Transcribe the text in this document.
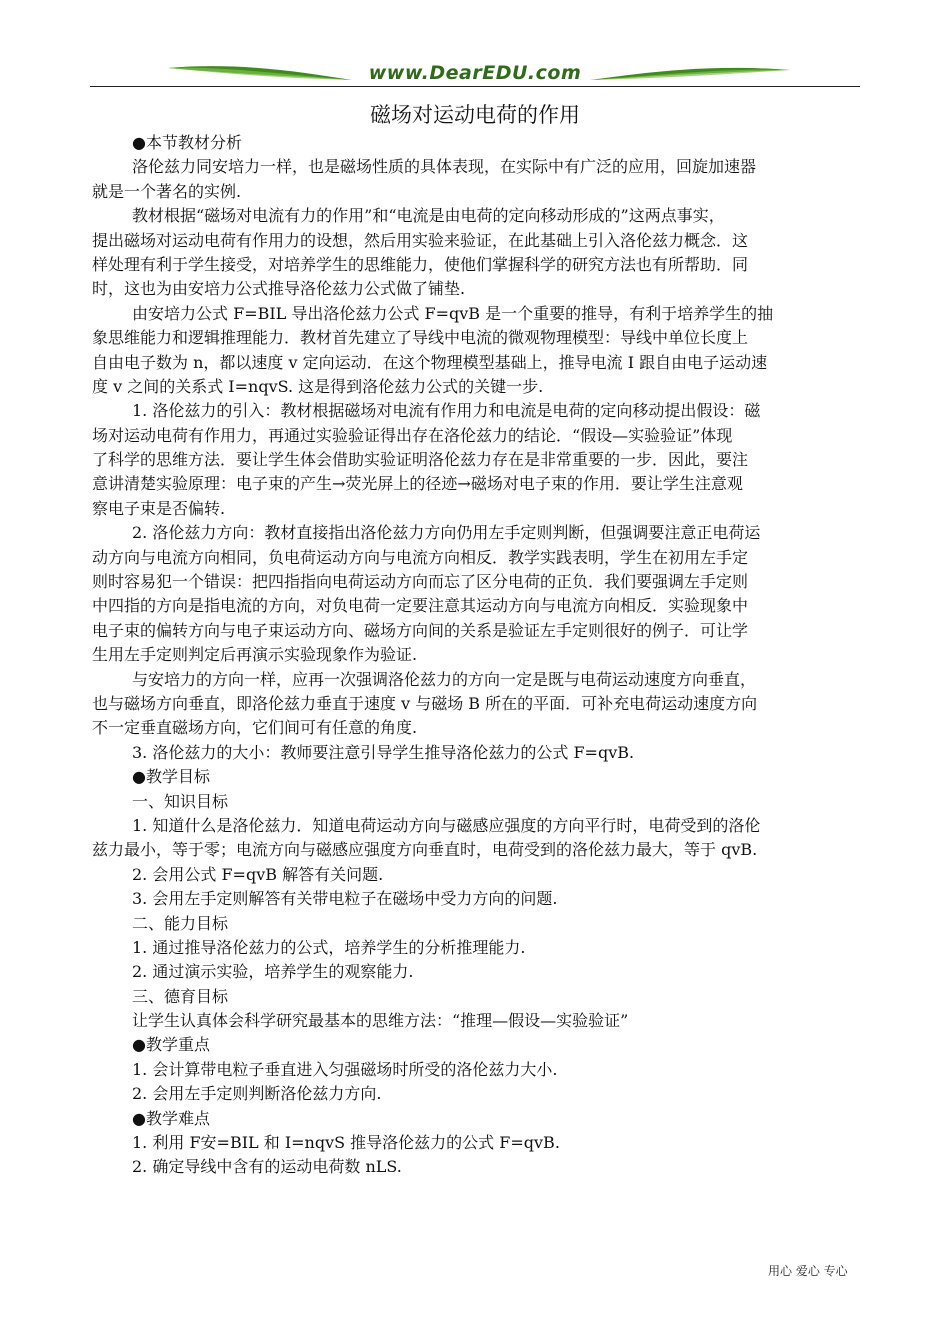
www.DearEDU.com
磁场对运动电荷的作用
●本节教材分析
洛伦兹力同安培力一样，也是磁场性质的具体表现，在实际中有广泛的应用，回旋加速器
就是一个著名的实例.
教材根据“磁场对电流有力的作用”和“电流是由电荷的定向移动形成的”这两点事实，
提出磁场对运动电荷有作用力的设想，然后用实验来验证，在此基础上引入洛伦兹力概念．这
样处理有利于学生接受，对培养学生的思维能力，使他们掌握科学的研究方法也有所帮助．同
时，这也为由安培力公式推导洛伦兹力公式做了铺垫.
由安培力公式 F=BIL 导出洛伦兹力公式 F=qvB 是一个重要的推导，有利于培养学生的抽
象思维能力和逻辑推理能力．教材首先建立了导线中电流的微观物理模型：导线中单位长度上
自由电子数为 n，都以速度 v 定向运动．在这个物理模型基础上，推导电流 I 跟自由电子运动速
度 v 之间的关系式 I=nqvS. 这是得到洛伦兹力公式的关键一步.
1. 洛伦兹力的引入：教材根据磁场对电流有作用力和电流是电荷的定向移动提出假设：磁
场对运动电荷有作用力，再通过实验验证得出存在洛伦兹力的结论．“假设—实验验证”体现
了科学的思维方法．要让学生体会借助实验证明洛伦兹力存在是非常重要的一步．因此，要注
意讲清楚实验原理：电子束的产生→荧光屏上的径迹→磁场对电子束的作用．要让学生注意观
察电子束是否偏转.
2. 洛伦兹力方向：教材直接指出洛伦兹力方向仍用左手定则判断，但强调要注意正电荷运
动方向与电流方向相同，负电荷运动方向与电流方向相反．教学实践表明，学生在初用左手定
则时容易犯一个错误：把四指指向电荷运动方向而忘了区分电荷的正负．我们要强调左手定则
中四指的方向是指电流的方向，对负电荷一定要注意其运动方向与电流方向相反．实验现象中
电子束的偏转方向与电子束运动方向、磁场方向间的关系是验证左手定则很好的例子．可让学
生用左手定则判定后再演示实验现象作为验证.
与安培力的方向一样，应再一次强调洛伦兹力的方向一定是既与电荷运动速度方向垂直，
也与磁场方向垂直，即洛伦兹力垂直于速度 v 与磁场 B 所在的平面．可补充电荷运动速度方向
不一定垂直磁场方向，它们间可有任意的角度.
3. 洛伦兹力的大小：教师要注意引导学生推导洛伦兹力的公式 F=qvB.
●教学目标
一、知识目标
1. 知道什么是洛伦兹力．知道电荷运动方向与磁感应强度的方向平行时，电荷受到的洛伦
兹力最小，等于零；电流方向与磁感应强度方向垂直时，电荷受到的洛伦兹力最大，等于 qvB.
2. 会用公式 F=qvB 解答有关问题.
3. 会用左手定则解答有关带电粒子在磁场中受力方向的问题.
二、能力目标
1. 通过推导洛伦兹力的公式，培养学生的分析推理能力.
2. 通过演示实验，培养学生的观察能力.
三、德育目标
让学生认真体会科学研究最基本的思维方法：“推理—假设—实验验证”
●教学重点
1. 会计算带电粒子垂直进入匀强磁场时所受的洛伦兹力大小.
2. 会用左手定则判断洛伦兹力方向.
●教学难点
1. 利用 F安=BIL 和 I=nqvS 推导洛伦兹力的公式 F=qvB.
2. 确定导线中含有的运动电荷数 nLS.
用心 爱心 专心
